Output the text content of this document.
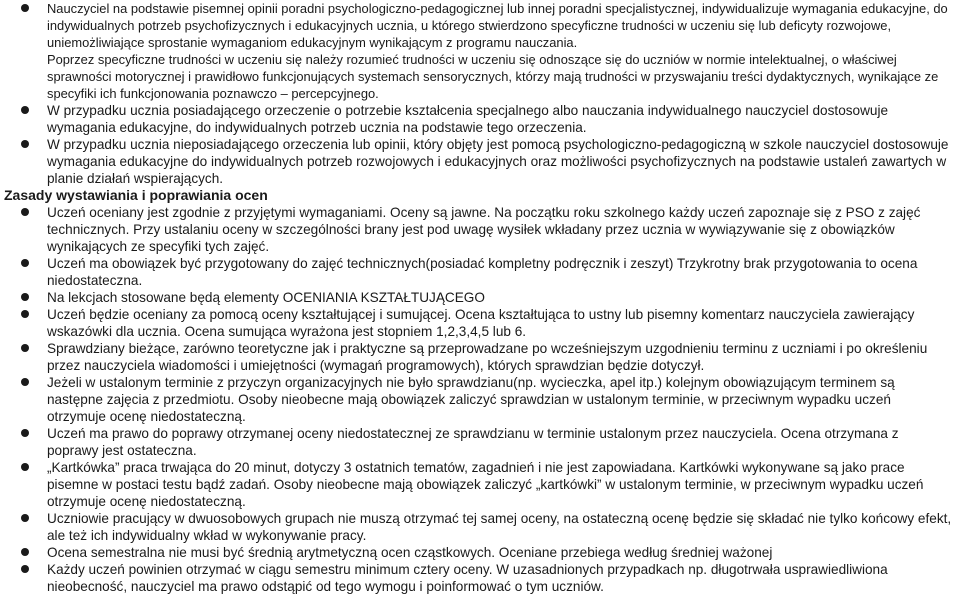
Nauczyciel na podstawie pisemnej opinii poradni psychologiczno-pedagogicznej lub innej poradni specjalistycznej, indywidualizuje wymagania edukacyjne, do indywidualnych potrzeb psychofizycznych i edukacyjnych ucznia, u którego stwierdzono specyficzne trudności w uczeniu się lub deficyty rozwojowe, uniemożliwiające sprostanie wymaganiom edukacyjnym wynikającym z programu nauczania.
Poprzez specyficzne trudności w uczeniu się należy rozumieć trudności w uczeniu się odnoszące się do uczniów w normie intelektualnej, o właściwej sprawności motorycznej i prawidłowo funkcjonujących systemach sensorycznych, którzy mają trudności w przyswajaniu treści dydaktycznych, wynikające ze specyfiki ich funkcjonowania poznawczo – percepcyjnego.
W przypadku ucznia posiadającego orzeczenie o potrzebie kształcenia specjalnego albo nauczania indywidualnego nauczyciel dostosowuje wymagania edukacyjne, do indywidualnych potrzeb ucznia na podstawie tego orzeczenia.
W przypadku ucznia nieposiadającego orzeczenia lub opinii, który objęty jest pomocą psychologiczno-pedagogiczną w szkole nauczyciel dostosowuje wymagania edukacyjne do indywidualnych potrzeb rozwojowych i edukacyjnych oraz możliwości psychofizycznych na podstawie ustaleń zawartych w planie działań wspierających.
Zasady wystawiania i poprawiania ocen
Uczeń oceniany jest zgodnie z przyjętymi wymaganiami. Oceny są jawne. Na początku roku szkolnego każdy uczeń zapoznaje się z PSO z zajęć technicznych. Przy ustalaniu oceny w szczególności brany jest pod uwagę wysiłek wkładany przez ucznia w wywiązywanie się z obowiązków wynikających ze specyfiki tych zajęć.
Uczeń ma obowiązek być przygotowany do zajęć technicznych(posiadać kompletny podręcznik i zeszyt) Trzykrotny brak przygotowania to ocena niedostateczna.
Na lekcjach stosowane będą elementy OCENIANIA KSZTAŁTUJĄCEGO
Uczeń będzie oceniany za pomocą oceny kształtującej i sumującej. Ocena kształtująca to ustny lub pisemny komentarz nauczyciela zawierający wskazówki dla ucznia. Ocena sumująca wyrażona jest stopniem 1,2,3,4,5 lub 6.
Sprawdziany bieżące, zarówno teoretyczne jak i praktyczne są przeprowadzane po wcześniejszym uzgodnieniu terminu z uczniami i po określeniu przez nauczyciela wiadomości i umiejętności (wymagań programowych), których sprawdzian będzie dotyczył.
Jeżeli w ustalonym terminie z przyczyn organizacyjnych nie było sprawdzianu(np. wycieczka, apel itp.) kolejnym obowiązującym terminem są następne zajęcia z przedmiotu. Osoby nieobecne mają obowiązek zaliczyć sprawdzian w ustalonym terminie, w przeciwnym wypadku uczeń otrzymuje ocenę niedostateczną.
Uczeń ma prawo do poprawy otrzymanej oceny niedostatecznej ze sprawdzianu w terminie ustalonym przez nauczyciela. Ocena otrzymana z poprawy jest ostateczna.
„Kartkówka” praca trwająca do 20 minut, dotyczy 3 ostatnich tematów, zagadnień i nie jest zapowiadana. Kartkówki wykonywane są jako prace pisemne w postaci testu bądź zadań. Osoby nieobecne mają obowiązek zaliczyć „kartkówki” w ustalonym terminie, w przeciwnym wypadku uczeń otrzymuje ocenę niedostateczną.
Uczniowie pracujący w dwuosobowych grupach nie muszą otrzymać tej samej oceny, na ostateczną ocenę będzie się składać nie tylko końcowy efekt, ale też ich indywidualny wkład w wykonywanie pracy.
Ocena semestralna nie musi być średnią arytmetyczną ocen cząstkowych. Oceniane przebiega według średniej ważonej
Każdy uczeń powinien otrzymać w ciągu semestru minimum cztery oceny. W uzasadnionych przypadkach np. długotrwała usprawiedliwiona nieobecność, nauczyciel ma prawo odstąpić od tego wymogu i poinformować o tym uczniów.
